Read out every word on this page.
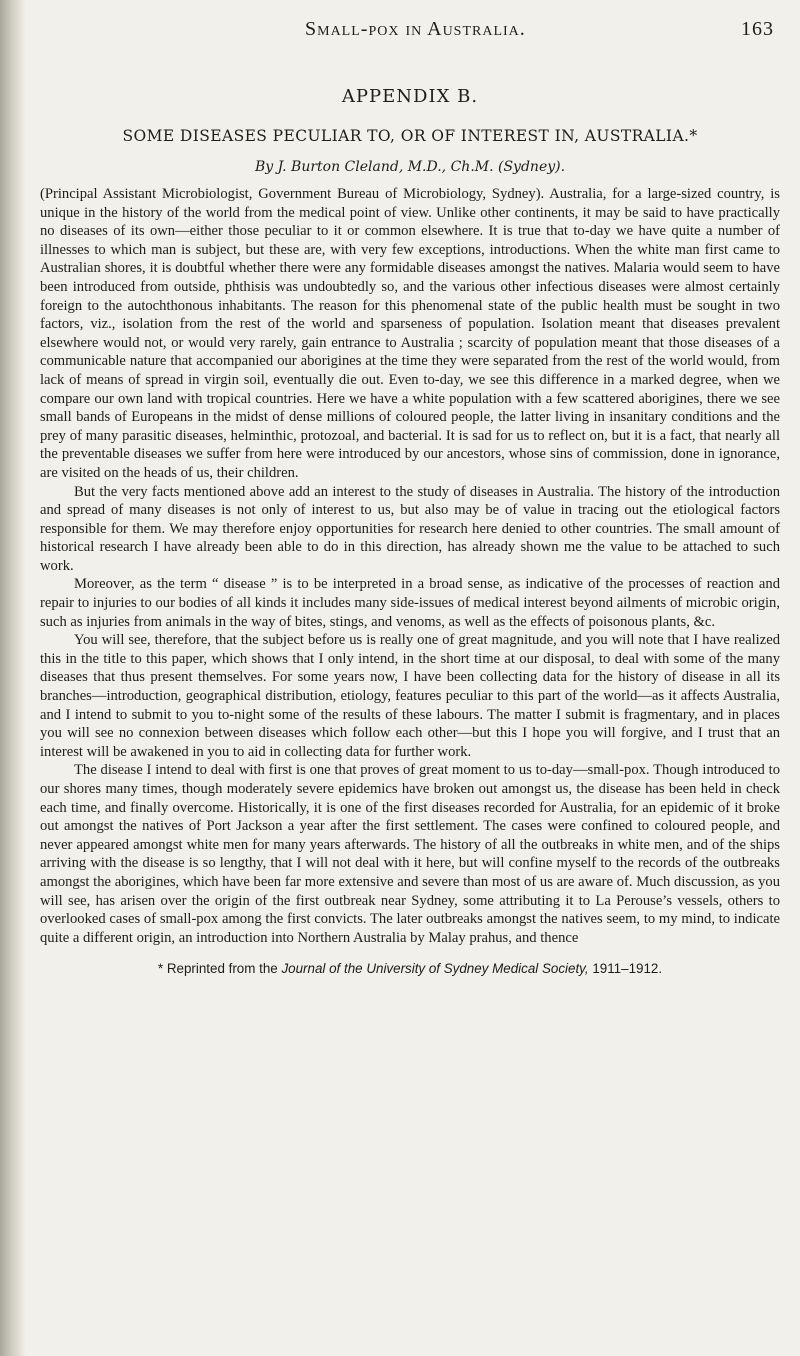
Small-pox in Australia.	163
APPENDIX B.
SOME DISEASES PECULIAR TO, OR OF INTEREST IN, AUSTRALIA.*
By J. Burton Cleland, M.D., Ch.M. (Sydney).

(Principal Assistant Microbiologist, Government Bureau of Microbiology, Sydney). Australia, for a large-sized country, is unique in the history of the world from the medical point of view. Unlike other continents, it may be said to have practically no diseases of its own—either those peculiar to it or common elsewhere. It is true that to-day we have quite a number of illnesses to which man is subject, but these are, with very few exceptions, introductions. When the white man first came to Australian shores, it is doubtful whether there were any formidable diseases amongst the natives. Malaria would seem to have been introduced from outside, phthisis was undoubtedly so, and the various other infectious diseases were almost certainly foreign to the autochthonous inhabitants. The reason for this phenomenal state of the public health must be sought in two factors, viz., isolation from the rest of the world and sparseness of population. Isolation meant that diseases prevalent elsewhere would not, or would very rarely, gain entrance to Australia ; scarcity of population meant that those diseases of a communicable nature that accompanied our aborigines at the time they were separated from the rest of the world would, from lack of means of spread in virgin soil, eventually die out. Even to-day, we see this difference in a marked degree, when we compare our own land with tropical countries. Here we have a white population with a few scattered aborigines, there we see small bands of Europeans in the midst of dense millions of coloured people, the latter living in insanitary conditions and the prey of many parasitic diseases, helminthic, protozoal, and bacterial. It is sad for us to reflect on, but it is a fact, that nearly all the preventable diseases we suffer from here were introduced by our ancestors, whose sins of commission, done in ignorance, are visited on the heads of us, their children.

But the very facts mentioned above add an interest to the study of diseases in Australia. The history of the introduction and spread of many diseases is not only of interest to us, but also may be of value in tracing out the etiological factors responsible for them. We may therefore enjoy opportunities for research here denied to other countries. The small amount of historical research I have already been able to do in this direction, has already shown me the value to be attached to such work.

Moreover, as the term “ disease ” is to be interpreted in a broad sense, as indicative of the processes of reaction and repair to injuries to our bodies of all kinds it includes many side-issues of medical interest beyond ailments of microbic origin, such as injuries from animals in the way of bites, stings, and venoms, as well as the effects of poisonous plants, &c.

You will see, therefore, that the subject before us is really one of great magnitude, and you will note that I have realized this in the title to this paper, which shows that I only intend, in the short time at our disposal, to deal with some of the many diseases that thus present themselves. For some years now, I have been collecting data for the history of disease in all its branches—introduction, geographical distribution, etiology, features peculiar to this part of the world—as it affects Australia, and I intend to submit to you to-night some of the results of these labours. The matter I submit is fragmentary, and in places you will see no connexion between diseases which follow each other—but this I hope you will forgive, and I trust that an interest will be awakened in you to aid in collecting data for further work.

The disease I intend to deal with first is one that proves of great moment to us to-day—small-pox. Though introduced to our shores many times, though moderately severe epidemics have broken out amongst us, the disease has been held in check each time, and finally overcome. Historically, it is one of the first diseases recorded for Australia, for an epidemic of it broke out amongst the natives of Port Jackson a year after the first settlement. The cases were confined to coloured people, and never appeared amongst white men for many years afterwards. The history of all the outbreaks in white men, and of the ships arriving with the disease is so lengthy, that I will not deal with it here, but will confine myself to the records of the outbreaks amongst the aborigines, which have been far more extensive and severe than most of us are aware of. Much discussion, as you will see, has arisen over the origin of the first outbreak near Sydney, some attributing it to La Perouse’s vessels, others to overlooked cases of small-pox among the first convicts. The later outbreaks amongst the natives seem, to my mind, to indicate quite a different origin, an introduction into Northern Australia by Malay prahus, and thence

* Reprinted from the Journal of the University of Sydney Medical Society, 1911–1912.
